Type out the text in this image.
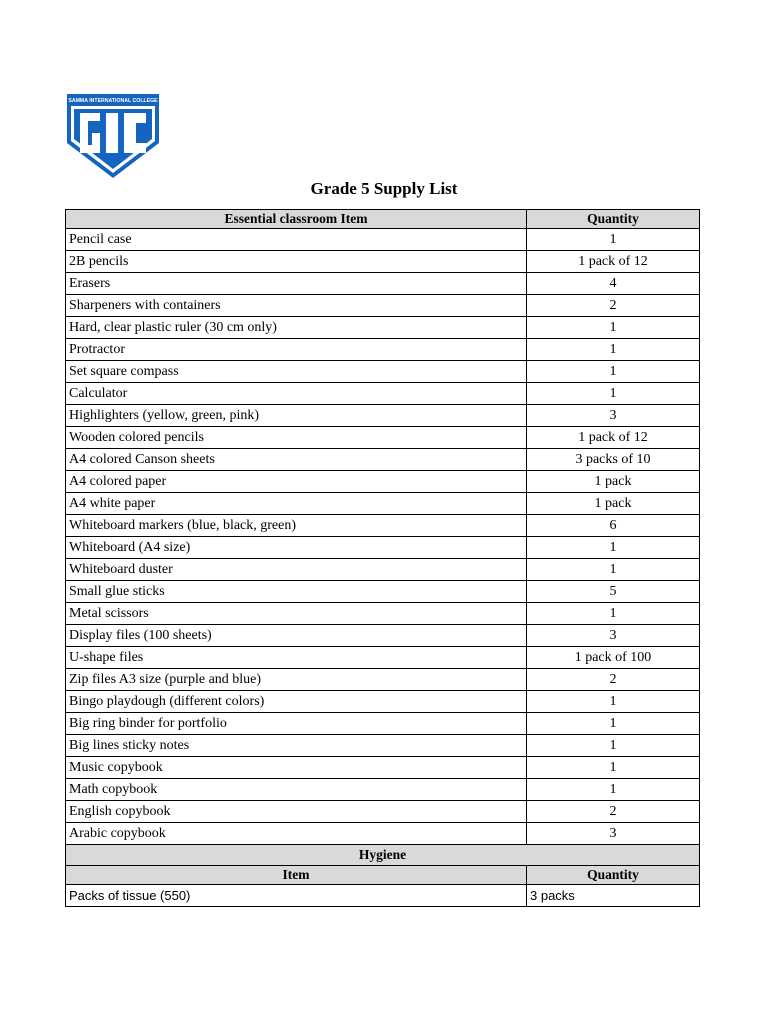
SAMMA INTERNATIONAL COLLEGE
Grade 5 Supply List
Essential classroom Item	Quantity
Pencil case	1
2B pencils	1 pack of 12
Erasers	4
Sharpeners with containers	2
Hard, clear plastic ruler (30 cm only)	1
Protractor	1
Set square compass	1
Calculator	1
Highlighters (yellow, green, pink)	3
Wooden colored pencils	1 pack of 12
A4 colored Canson sheets	3 packs of 10
A4 colored paper	1 pack
A4 white paper	1 pack
Whiteboard markers (blue, black, green)	6
Whiteboard (A4 size)	1
Whiteboard duster	1
Small glue sticks	5
Metal scissors	1
Display files (100 sheets)	3
U-shape files	1 pack of 100
Zip files A3 size (purple and blue)	2
Bingo playdough (different colors)	1
Big ring binder for portfolio	1
Big lines sticky notes	1
Music copybook	1
Math copybook	1
English copybook	2
Arabic copybook	3
Hygiene	
Item	Quantity
Packs of tissue (550)	3 packs
